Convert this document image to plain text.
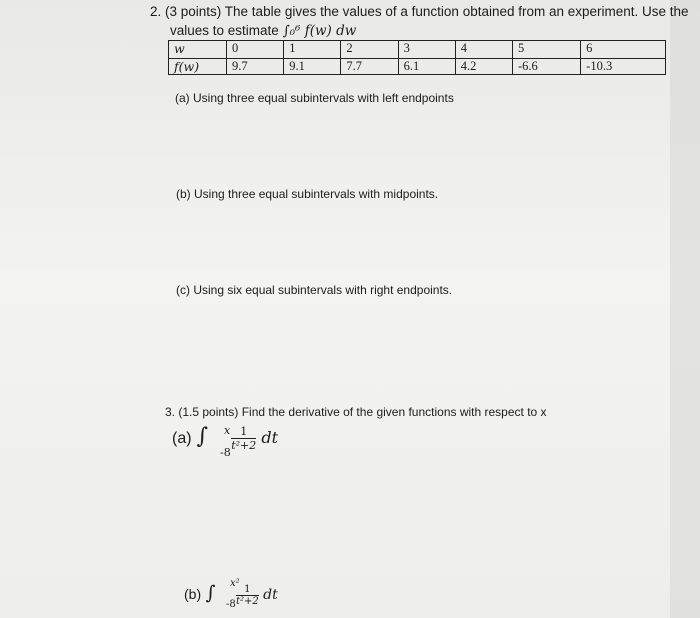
2. (3 points) The table gives the values of a function obtained from an experiment. Use the
values to estimate ∫₀⁶ f(w) dw
w	0	1	2	3	4	5	6
f(w)	9.7	9.1	7.7	6.1	4.2	-6.6	-10.3
(a) Using three equal subintervals with left endpoints
(b) Using three equal subintervals with midpoints.
(c) Using six equal subintervals with right endpoints.
3. (1.5 points) Find the derivative of the given functions with respect to x
(a) ∫ x
-8
$\frac{1}{\text{t²+2}}$ dt
(b) ∫ x²
$-8 \frac{1}{\text{t²+2}}$ dt
